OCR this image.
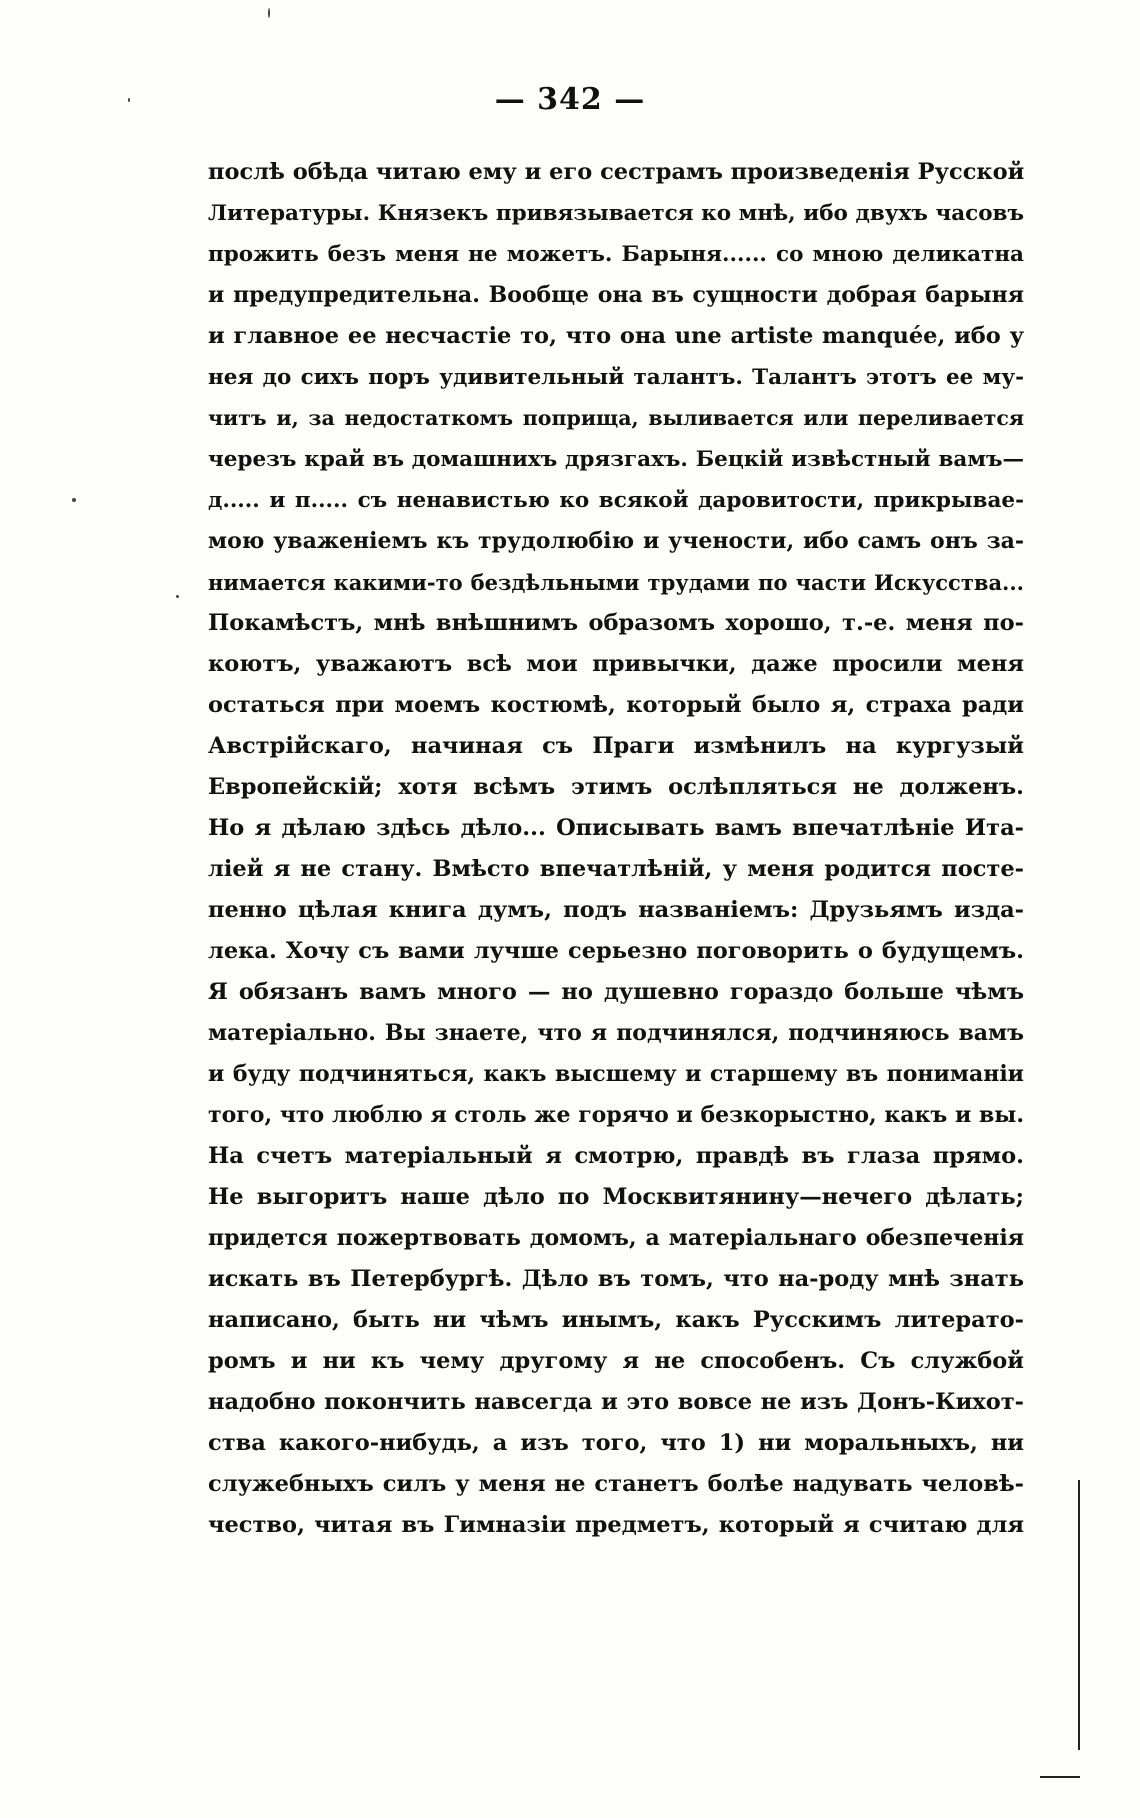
— 342 —
послѣ обѣда читаю ему и его сестрамъ произведенія Русской
Литературы. Князекъ привязывается ко мнѣ, ибо двухъ часовъ
прожить безъ меня не можетъ. Барыня...... со мною деликатна
и предупредительна. Вообще она въ сущности добрая барыня
и главное ее несчастіе то, что она une artiste manquée, ибо у
нея до сихъ поръ удивительный талантъ. Талантъ этотъ ее му-
читъ и, за недостаткомъ поприща, выливается или переливается
черезъ край въ домашнихъ дрязгахъ. Бецкій извѣстный вамъ—
д..... и п..... съ ненавистью ко всякой даровитости, прикрывае-
мою уваженіемъ къ трудолюбію и учености, ибо самъ онъ за-
нимается какими-то бездѣльными трудами по части Искусства...
Покамѣстъ, мнѣ внѣшнимъ образомъ хорошо, т.-е. меня по-
коютъ, уважаютъ всѣ мои привычки, даже просили меня
остаться при моемъ костюмѣ, который было я, страха ради
Австрійскаго, начиная съ Праги измѣнилъ на кургузый
Европейскій; хотя всѣмъ этимъ ослѣпляться не долженъ.
Но я дѣлаю здѣсь дѣло... Описывать вамъ впечатлѣніе Ита-
ліей я не стану. Вмѣсто впечатлѣній, у меня родится посте-
пенно цѣлая книга думъ, подъ названіемъ: Друзьямъ изда-
лека. Хочу съ вами лучше серьезно поговорить о будущемъ.
Я обязанъ вамъ много — но душевно гораздо больше чѣмъ
матеріально. Вы знаете, что я подчинялся, подчиняюсь вамъ
и буду подчиняться, какъ высшему и старшему въ пониманіи
того, что люблю я столь же горячо и безкорыстно, какъ и вы.
На счетъ матеріальный я смотрю, правдѣ въ глаза прямо.
Не выгоритъ наше дѣло по Москвитянину—нечего дѣлать;
придется пожертвовать домомъ, а матеріальнаго обезпеченія
искать въ Петербургѣ. Дѣло въ томъ, что на-роду мнѣ знать
написано, быть ни чѣмъ инымъ, какъ Русскимъ литерато-
ромъ и ни къ чему другому я не способенъ. Съ службой
надобно покончить навсегда и это вовсе не изъ Донъ-Кихот-
ства какого-нибудь, а изъ того, что 1) ни моральныхъ, ни
служебныхъ силъ у меня не станетъ болѣе надувать человѣ-
чество, читая въ Гимназіи предметъ, который я считаю для
